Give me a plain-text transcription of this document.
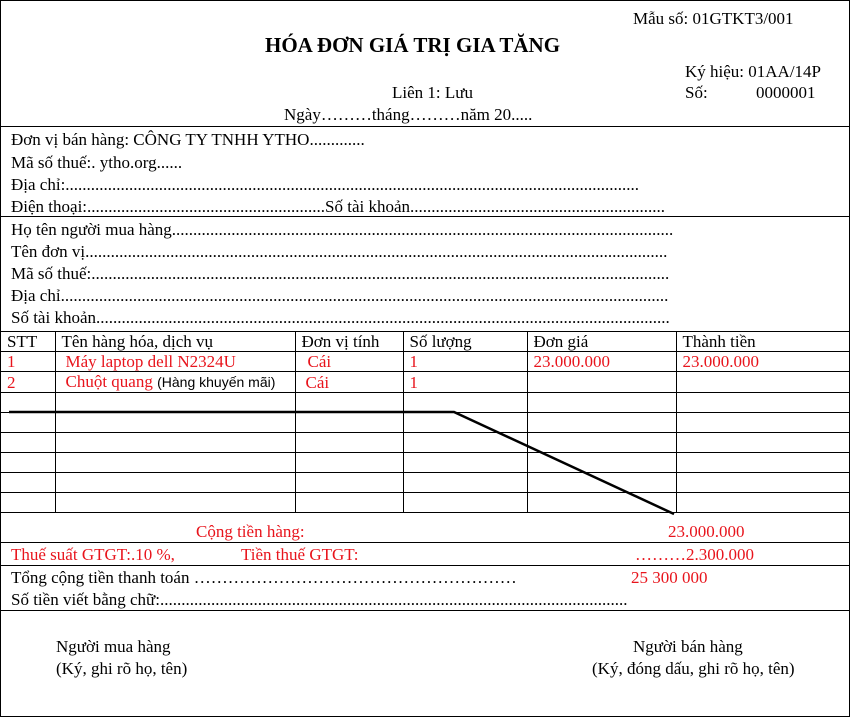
Mẫu số: 01GTKT3/001
HÓA ĐƠN GIÁ TRỊ GIA TĂNG
Ký hiệu: 01AA/14P
Liên 1: Lưu	Số:	0000001
Ngày………tháng………năm 20.....
Đơn vị bán hàng: CÔNG TY TNHH YTHO.............
Mã số thuế:. ytho.org......
Địa chỉ:.......................................................................................................................................
Điện thoại:........................................................Số tài khoản............................................................
Họ tên người mua hàng......................................................................................................................
Tên đơn vị.........................................................................................................................................
Mã số thuế:........................................................................................................................................
Địa chỉ...............................................................................................................................................
Số tài khoản.......................................................................................................................................
STT	Tên hàng hóa, dịch vụ	Đơn vị tính	Số lượng	Đơn giá	Thành tiền
1	Máy laptop dell N2324U	Cái	1	23.000.000	23.000.000
2	Chuột quang (Hàng khuyến mãi)	Cái	1		

Cộng tiền hàng:	23.000.000
Thuế suất GTGT:.10 %,	Tiền thuế GTGT:	………2.300.000
Tổng cộng tiền thanh toán …………………………………………………	25 300 000
Số tiền viết bằng chữ:..............................................................................................................
Người mua hàng
(Ký, ghi rõ họ, tên)
Người bán hàng
(Ký, đóng dấu, ghi rõ họ, tên)
